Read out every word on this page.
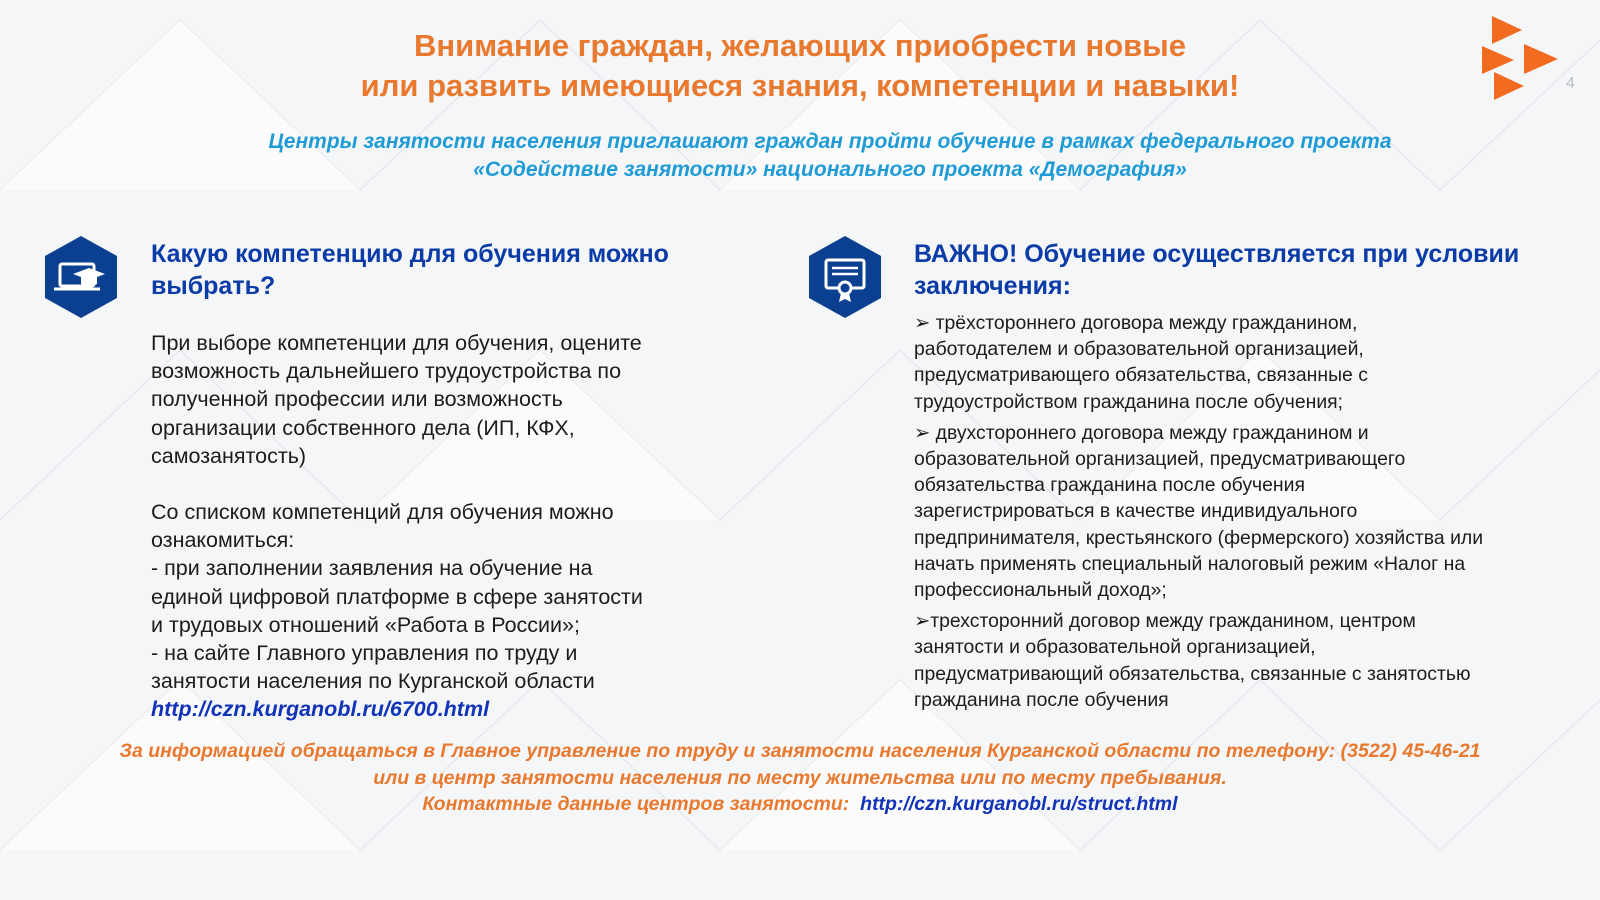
Внимание граждан, желающих приобрести новые
или развить имеющиеся знания, компетенции и навыки!	4
Центры занятости населения приглашают граждан пройти обучение в рамках федерального проекта
«Содействие занятости» национального проекта «Демография»
Какую компетенцию для обучения можно выбрать?

При выборе компетенции для обучения, оцените

возможность дальнейшего трудоустройства по

полученной профессии или возможность

организации собственного дела (ИП, КФХ,

самозанятость)

Со списком компетенций для обучения можно

ознакомиться:

- при заполнении заявления на обучение на

единой цифровой платформе в сфере занятости

и трудовых отношений «Работа в России»;

- на сайте Главного управления по труду и

занятости населения по Курганской области

http://czn.kurganobl.ru/6700.html

ВАЖНО! Обучение осуществляется при условии заключения:
➢ трёхстороннего договора между гражданином,
работодателем и образовательной организацией,
предусматривающего обязательства, связанные с
трудоустройством гражданина после обучения;
➢ двухстороннего договора между гражданином и
образовательной организацией, предусматривающего
обязательства гражданина после обучения
зарегистрироваться в качестве индивидуального
предпринимателя, крестьянского (фермерского) хозяйства или
начать применять специальный налоговый режим «Налог на
профессиональный доход»;
➢трехсторонний договор между гражданином, центром
занятости и образовательной организацией,
предусматривающий обязательства, связанные с занятостью
гражданина после обучения
За информацией обращаться в Главное управление по труду и занятости населения Курганской области по телефону: (3522) 45-46-21
или в центр занятости населения по месту жительства или по месту пребывания.
Контактные данные центров занятости: http://czn.kurganobl.ru/struct.html
